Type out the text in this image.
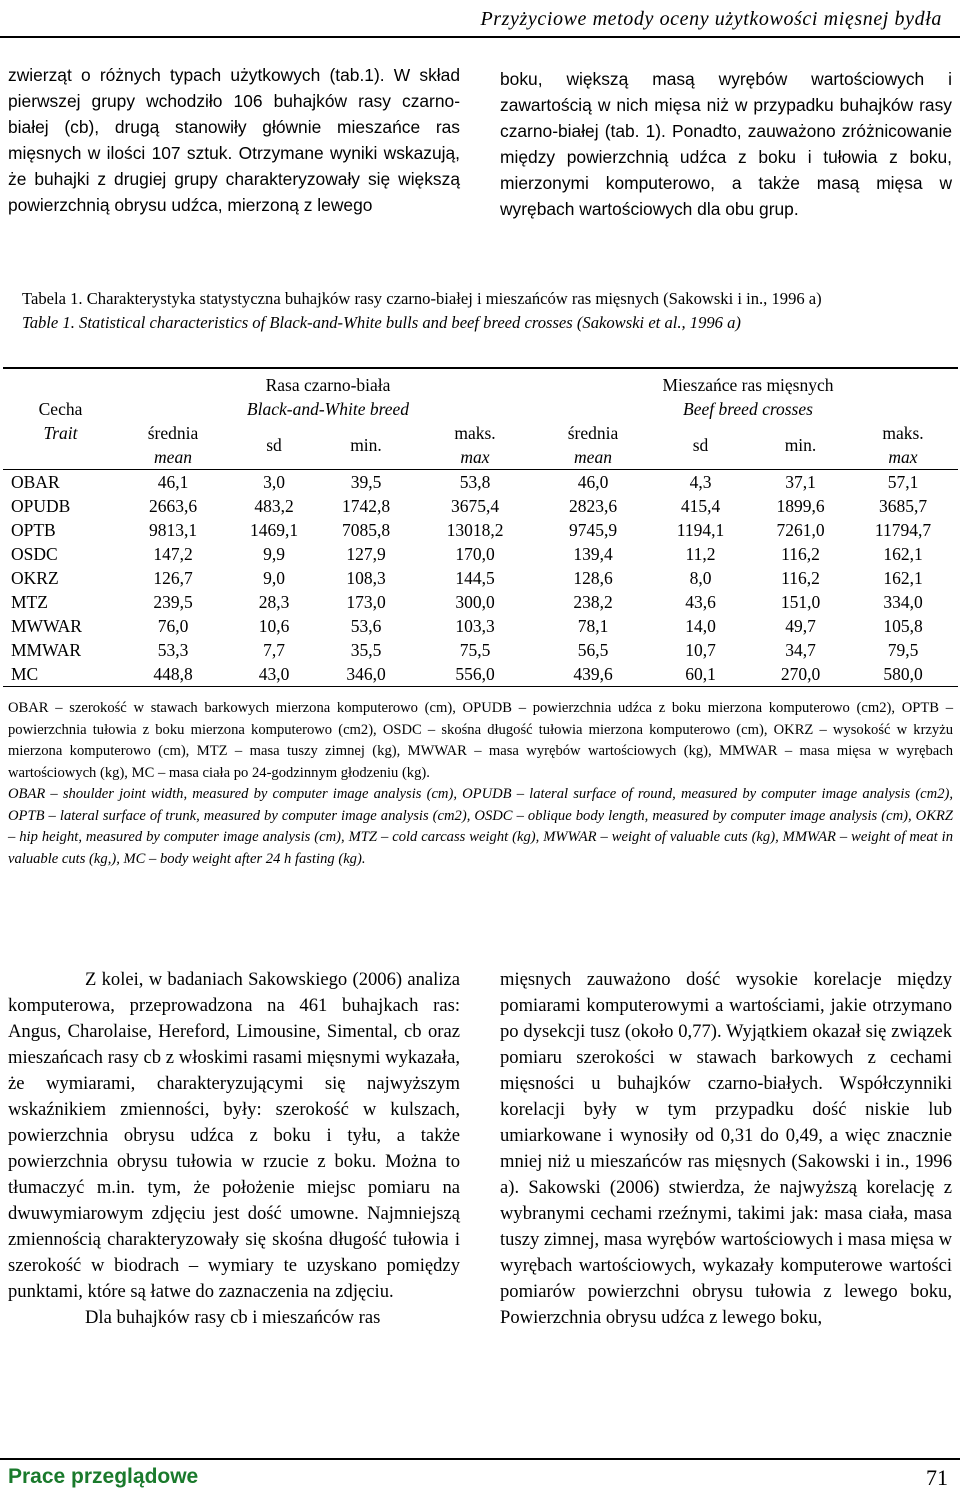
Przyżyciowe metody oceny użytkowości mięsnej bydła

zwierząt o różnych typach użytkowych (tab.1). W skład pierwszej grupy wchodziło 106 buhajków rasy czarno-białej (cb), drugą stanowiły głównie mieszańce ras mięsnych w ilości 107 sztuk. Otrzymane wyniki wskazują, że buhajki z drugiej grupy charakteryzowały się większą powierzchnią obrysu udźca, mierzoną z lewego

boku, większą masą wyrębów wartościowych i zawartością w nich mięsa niż w przypadku buhajków rasy czarno-białej (tab. 1). Ponadto, zauważono zróżnicowanie między powierzchnią udźca z boku i tułowia z boku, mierzonymi komputerowo, a także masą mięsa w wyrębach wartościowych dla obu grup.

Tabela 1. Charakterystyka statystyczna buhajków rasy czarno-białej i mieszańców ras mięsnych (Sakowski i in., 1996 a)
Table 1. Statistical characteristics of Black-and-White bulls and beef breed crosses (Sakowski et al., 1996 a)

	Rasa czarno-biała				Mieszańce ras mięsnych			
Cecha	Black-and-White breed				Beef breed crosses			
Trait	średnia	sd	min.	maks.	średnia	sd	min.	maks.
	mean			max	mean			max
OBAR	46,1	3,0	39,5	53,8	46,0	4,3	37,1	57,1
OPUDB	2663,6	483,2	1742,8	3675,4	2823,6	415,4	1899,6	3685,7
OPTB	9813,1	1469,1	7085,8	13018,2	9745,9	1194,1	7261,0	11794,7
OSDC	147,2	9,9	127,9	170,0	139,4	11,2	116,2	162,1
OKRZ	126,7	9,0	108,3	144,5	128,6	8,0	116,2	162,1
MTZ	239,5	28,3	173,0	300,0	238,2	43,6	151,0	334,0
MWWAR	76,0	10,6	53,6	103,3	78,1	14,0	49,7	105,8
MMWAR	53,3	7,7	35,5	75,5	56,5	10,7	34,7	79,5
MC	448,8	43,0	346,0	556,0	439,6	60,1	270,0	580,0

OBAR – szerokość w stawach barkowych mierzona komputerowo (cm), OPUDB – powierzchnia udźca z boku mierzona komputerowo (cm2), OPTB – powierzchnia tułowia z boku mierzona komputerowo (cm2), OSDC – skośna długość tułowia mierzona komputerowo (cm), OKRZ – wysokość w krzyżu mierzona komputerowo (cm), MTZ – masa tuszy zimnej (kg), MWWAR – masa wyrębów wartościowych (kg), MMWAR – masa mięsa w wyrębach wartościowych (kg), MC – masa ciała po 24-godzinnym głodzeniu (kg).

OBAR – shoulder joint width, measured by computer image analysis (cm), OPUDB – lateral surface of round, measured by computer image analysis (cm2), OPTB – lateral surface of trunk, measured by computer image analysis (cm2), OSDC – oblique body length, measured by computer image analysis (cm), OKRZ – hip height, measured by computer image analysis (cm), MTZ – cold carcass weight (kg), MWWAR – weight of valuable cuts (kg), MMWAR – weight of meat in valuable cuts (kg,), MC – body weight after 24 h fasting (kg).

Z kolei, w badaniach Sakowskiego (2006) analiza komputerowa, przeprowadzona na 461 buhajkach ras: Angus, Charolaise, Hereford, Limousine, Simental, cb oraz mieszańcach rasy cb z włoskimi rasami mięsnymi wykazała, że wymiarami, charakteryzującymi się najwyższym wskaźnikiem zmienności, były: szerokość w kulszach, powierzchnia obrysu udźca z boku i tyłu, a także powierzchnia obrysu tułowia w rzucie z boku. Można to tłumaczyć m.in. tym, że położenie miejsc pomiaru na dwuwymiarowym zdjęciu jest dość umowne. Najmniejszą zmiennością charakteryzowały się skośna długość tułowia i szerokość w biodrach – wymiary te uzyskano pomiędzy punktami, które są łatwe do zaznaczenia na zdjęciu.

Dla buhajków rasy cb i mieszańców ras

mięsnych zauważono dość wysokie korelacje między pomiarami komputerowymi a wartościami, jakie otrzymano po dysekcji tusz (około 0,77). Wyjątkiem okazał się związek pomiaru szerokości w stawach barkowych z cechami mięsności u buhajków czarno-białych. Współczynniki korelacji były w tym przypadku dość niskie lub umiarkowane i wynosiły od 0,31 do 0,49, a więc znacznie mniej niż u mieszańców ras mięsnych (Sakowski i in., 1996 a). Sakowski (2006) stwierdza, że najwyższą korelację z wybranymi cechami rzeźnymi, takimi jak: masa ciała, masa tuszy zimnej, masa wyrębów wartościowych i masa mięsa w wyrębach wartościowych, wykazały komputerowe wartości pomiarów powierzchni obrysu tułowia z lewego boku, Powierzchnia obrysu udźca z lewego boku,

Prace przeglądowe	71
